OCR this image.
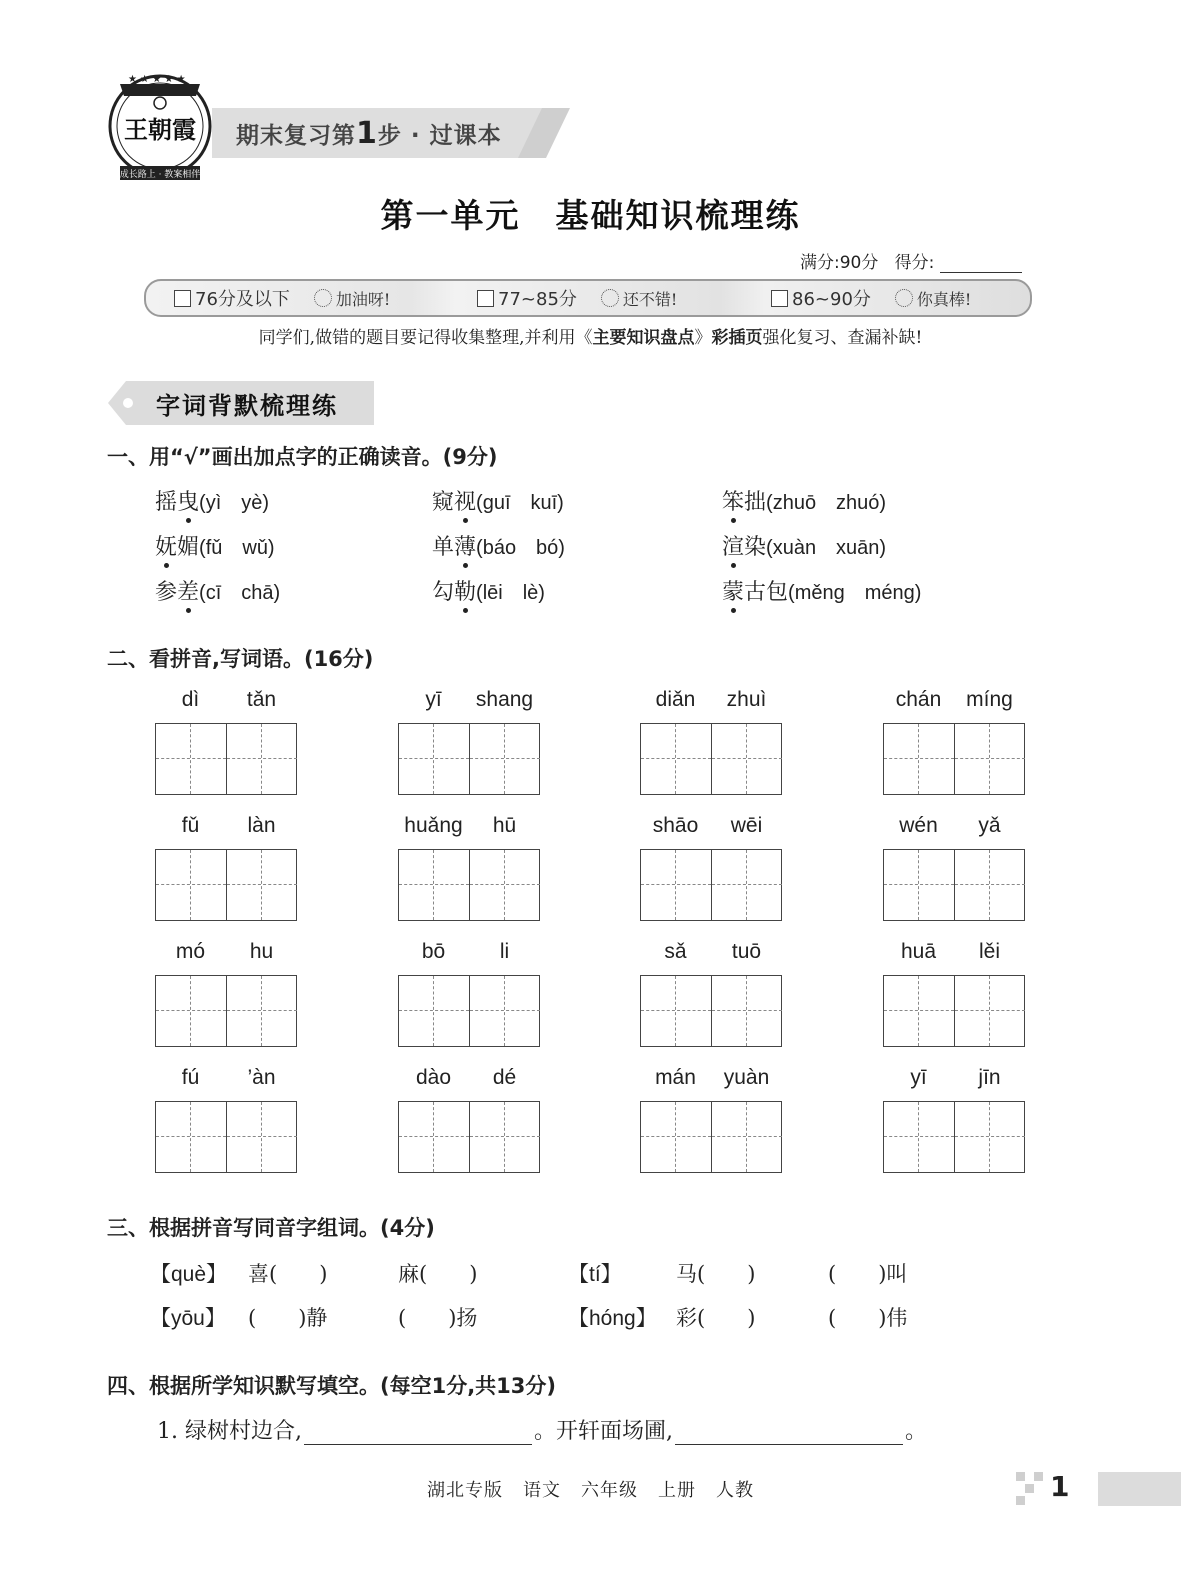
★ ★ ★ ★ ★
王朝霞
成长路上 · 教案相伴
期末复习第1步 · 过课本
第一单元　基础知识梳理练
满分:90分 得分:
76分及以下	加油呀!	77~85分	还不错!	86~90分	你真棒!
同学们,做错的题目要记得收集整理,并利用《主要知识盘点》彩插页强化复习、查漏补缺!
字词背默梳理练
一、用“√”画出加点字的正确读音。(9分)
摇曳(yì　yè)	窥视(guī　kuī)	笨拙(zhuō　zhuó)
妩媚(fǔ　wǔ)	单薄(báo　bó)	渲染(xuàn　xuān)
参差(cī　chā)	勾勒(lēi　lè)	蒙古包(měng　méng)
二、看拼音,写词语。(16分)
dì	tǎn	yī	shang	diǎn	zhuì	chán	míng
fǔ	làn	huǎng	hū	shāo	wēi	wén	yǎ
mó	hu	bō	li	sǎ	tuō	huā	lěi
fú	’àn	dào	dé	mán	yuàn	yī	jīn
三、根据拼音写同音字组词。(4分)
【què】 喜(　　)	麻(　　)	【tí】	马(　　)	(　　)叫
【yōu】 (　　)静	(　　)扬	【hóng】 彩(　　)	(　　)伟
四、根据所学知识默写填空。(每空1分,共13分)
1. 绿树村边合,	。开轩面场圃,	。
湖北专版 语文 六年级 上册 人教	1
